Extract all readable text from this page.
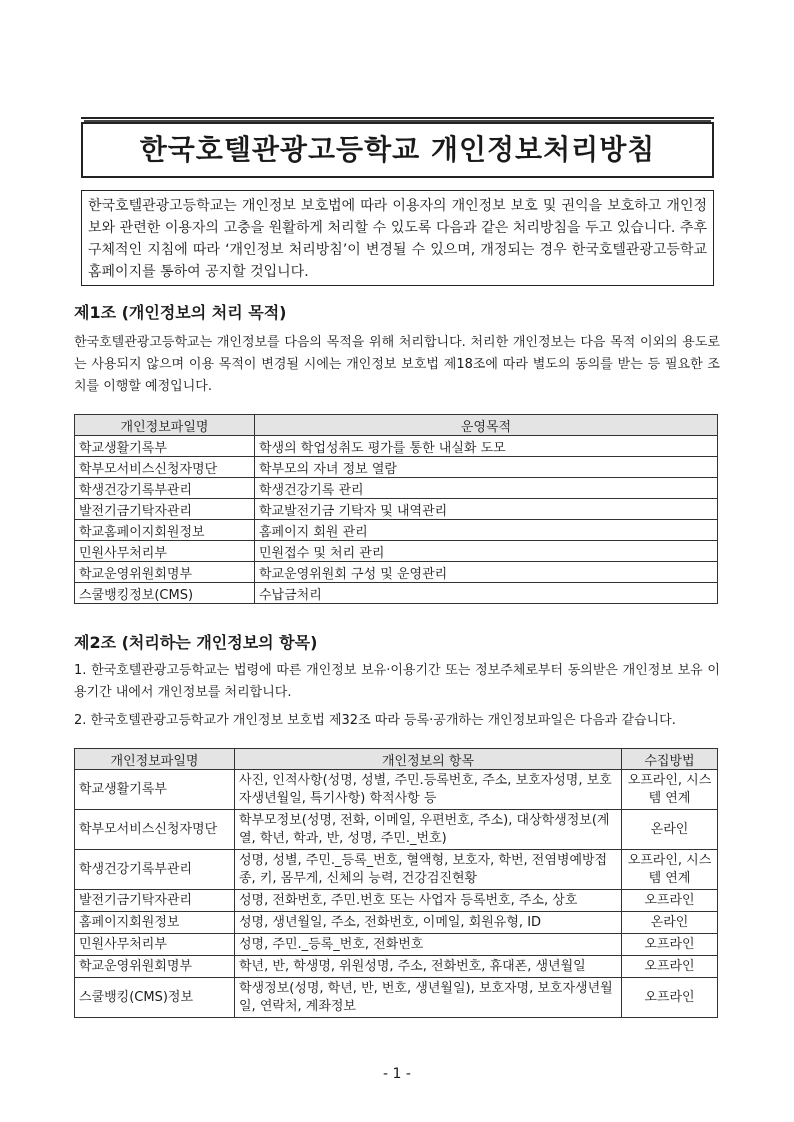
한국호텔관광고등학교 개인정보처리방침
한국호텔관광고등학교는 개인정보 보호법에 따라 이용자의 개인정보 보호 및 권익을 보호하고 개인정보와 관련한 이용자의 고충을 원활하게 처리할 수 있도록 다음과 같은 처리방침을 두고 있습니다. 추후 구체적인 지침에 따라 ‘개인정보 처리방침’이 변경될 수 있으며, 개정되는 경우 한국호텔관광고등학교 홈페이지를 통하여 공지할 것입니다.
제1조 (개인정보의 처리 목적)
한국호텔관광고등학교는 개인정보를 다음의 목적을 위해 처리합니다. 처리한 개인정보는 다음 목적 이외의 용도로는 사용되지 않으며 이용 목적이 변경될 시에는 개인정보 보호법 제18조에 따라 별도의 동의를 받는 등 필요한 조치를 이행할 예정입니다.
개인정보파일명	운영목적
학교생활기록부	학생의 학업성취도 평가를 통한 내실화 도모
학부모서비스신청자명단	학부모의 자녀 정보 열람
학생건강기록부관리	학생건강기록 관리
발전기금기탁자관리	학교발전기금 기탁자 및 내역관리
학교홈페이지회원정보	홈페이지 회원 관리
민원사무처리부	민원접수 및 처리 관리
학교운영위원회명부	학교운영위원회 구성 및 운영관리
스쿨뱅킹정보(CMS)	수납금처리
제2조 (처리하는 개인정보의 항목)
1. 한국호텔관광고등학교는 법령에 따른 개인정보 보유·이용기간 또는 정보주체로부터 동의받은 개인정보 보유 이용기간 내에서 개인정보를 처리합니다.
2. 한국호텔관광고등학교가 개인정보 보호법 제32조 따라 등록·공개하는 개인정보파일은 다음과 같습니다.
개인정보파일명	개인정보의 항목	수집방법
학교생활기록부	사진, 인적사항(성명, 성별, 주민.등록번호, 주소, 보호자성명, 보호자생년월일, 특기사항) 학적사항 등	오프라인, 시스템 연계
학부모서비스신청자명단	학부모정보(성명, 전화, 이메일, 우편번호, 주소), 대상학생정보(계열, 학년, 학과, 반, 성명, 주민._번호)	온라인
학생건강기록부관리	성명, 성별, 주민._등록_번호, 혈액형, 보호자, 학번, 전염병예방접종, 키, 몸무게, 신체의 능력, 건강검진현황	오프라인, 시스템 연계
발전기금기탁자관리	성명, 전화번호, 주민.번호 또는 사업자 등록번호, 주소, 상호	오프라인
홈페이지회원정보	성명, 생년월일, 주소, 전화번호, 이메일, 회원유형, ID	온라인
민원사무처리부	성명, 주민._등록_번호, 전화번호	오프라인
학교운영위원회명부	학년, 반, 학생명, 위원성명, 주소, 전화번호, 휴대폰, 생년월일	오프라인
스쿨뱅킹(CMS)정보	학생정보(성명, 학년, 반, 번호, 생년월일), 보호자명, 보호자생년월일, 연락처, 계좌정보	오프라인
- 1 -
